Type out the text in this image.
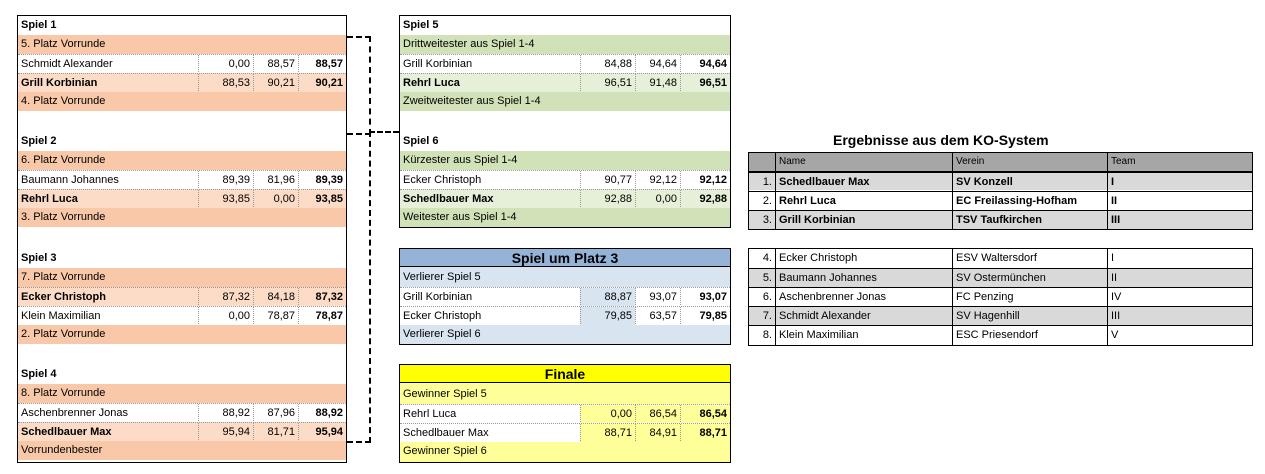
Spiel 1
5. Platz Vorrunde
Schmidt Alexander	0,00	88,57	88,57
Grill Korbinian	88,53	90,21	90,21
4. Platz Vorrunde
Spiel 2
6. Platz Vorrunde
Baumann Johannes	89,39	81,96	89,39
Rehrl Luca	93,85	0,00	93,85
3. Platz Vorrunde
Spiel 3
7. Platz Vorrunde
Ecker Christoph	87,32	84,18	87,32
Klein Maximilian	0,00	78,87	78,87
2. Platz Vorrunde
Spiel 4
8. Platz Vorrunde
Aschenbrenner Jonas	88,92	87,96	88,92
Schedlbauer Max	95,94	81,71	95,94
Vorrundenbester
Spiel 5
Drittweitester aus Spiel 1-4
Grill Korbinian	84,88	94,64	94,64
Rehrl Luca	96,51	91,48	96,51
Zweitweitester aus Spiel 1-4
Spiel 6
Kürzester aus Spiel 1-4
Ecker Christoph	90,77	92,12	92,12
Schedlbauer Max	92,88	0,00	92,88
Weitester aus Spiel 1-4
Spiel um Platz 3
Verlierer Spiel 5
Grill Korbinian	88,87	93,07	93,07
Ecker Christoph	79,85	63,57	79,85
Verlierer Spiel 6
Finale
Gewinner Spiel 5
Rehrl Luca	0,00	86,54	86,54
Schedlbauer Max	88,71	84,91	88,71
Gewinner Spiel 6
Ergebnisse aus dem KO-System
Name	Verein	Team
1. Schedlbauer Max	SV Konzell	I
2. Rehrl Luca	EC Freilassing-Hofham	II
3. Grill Korbinian	TSV Taufkirchen	III
4. Ecker Christoph	ESV Waltersdorf	I
5. Baumann Johannes	SV Ostermünchen	II
6. Aschenbrenner Jonas	FC Penzing	IV
7. Schmidt Alexander	SV Hagenhill	III
8. Klein Maximilian	ESC Priesendorf	V
